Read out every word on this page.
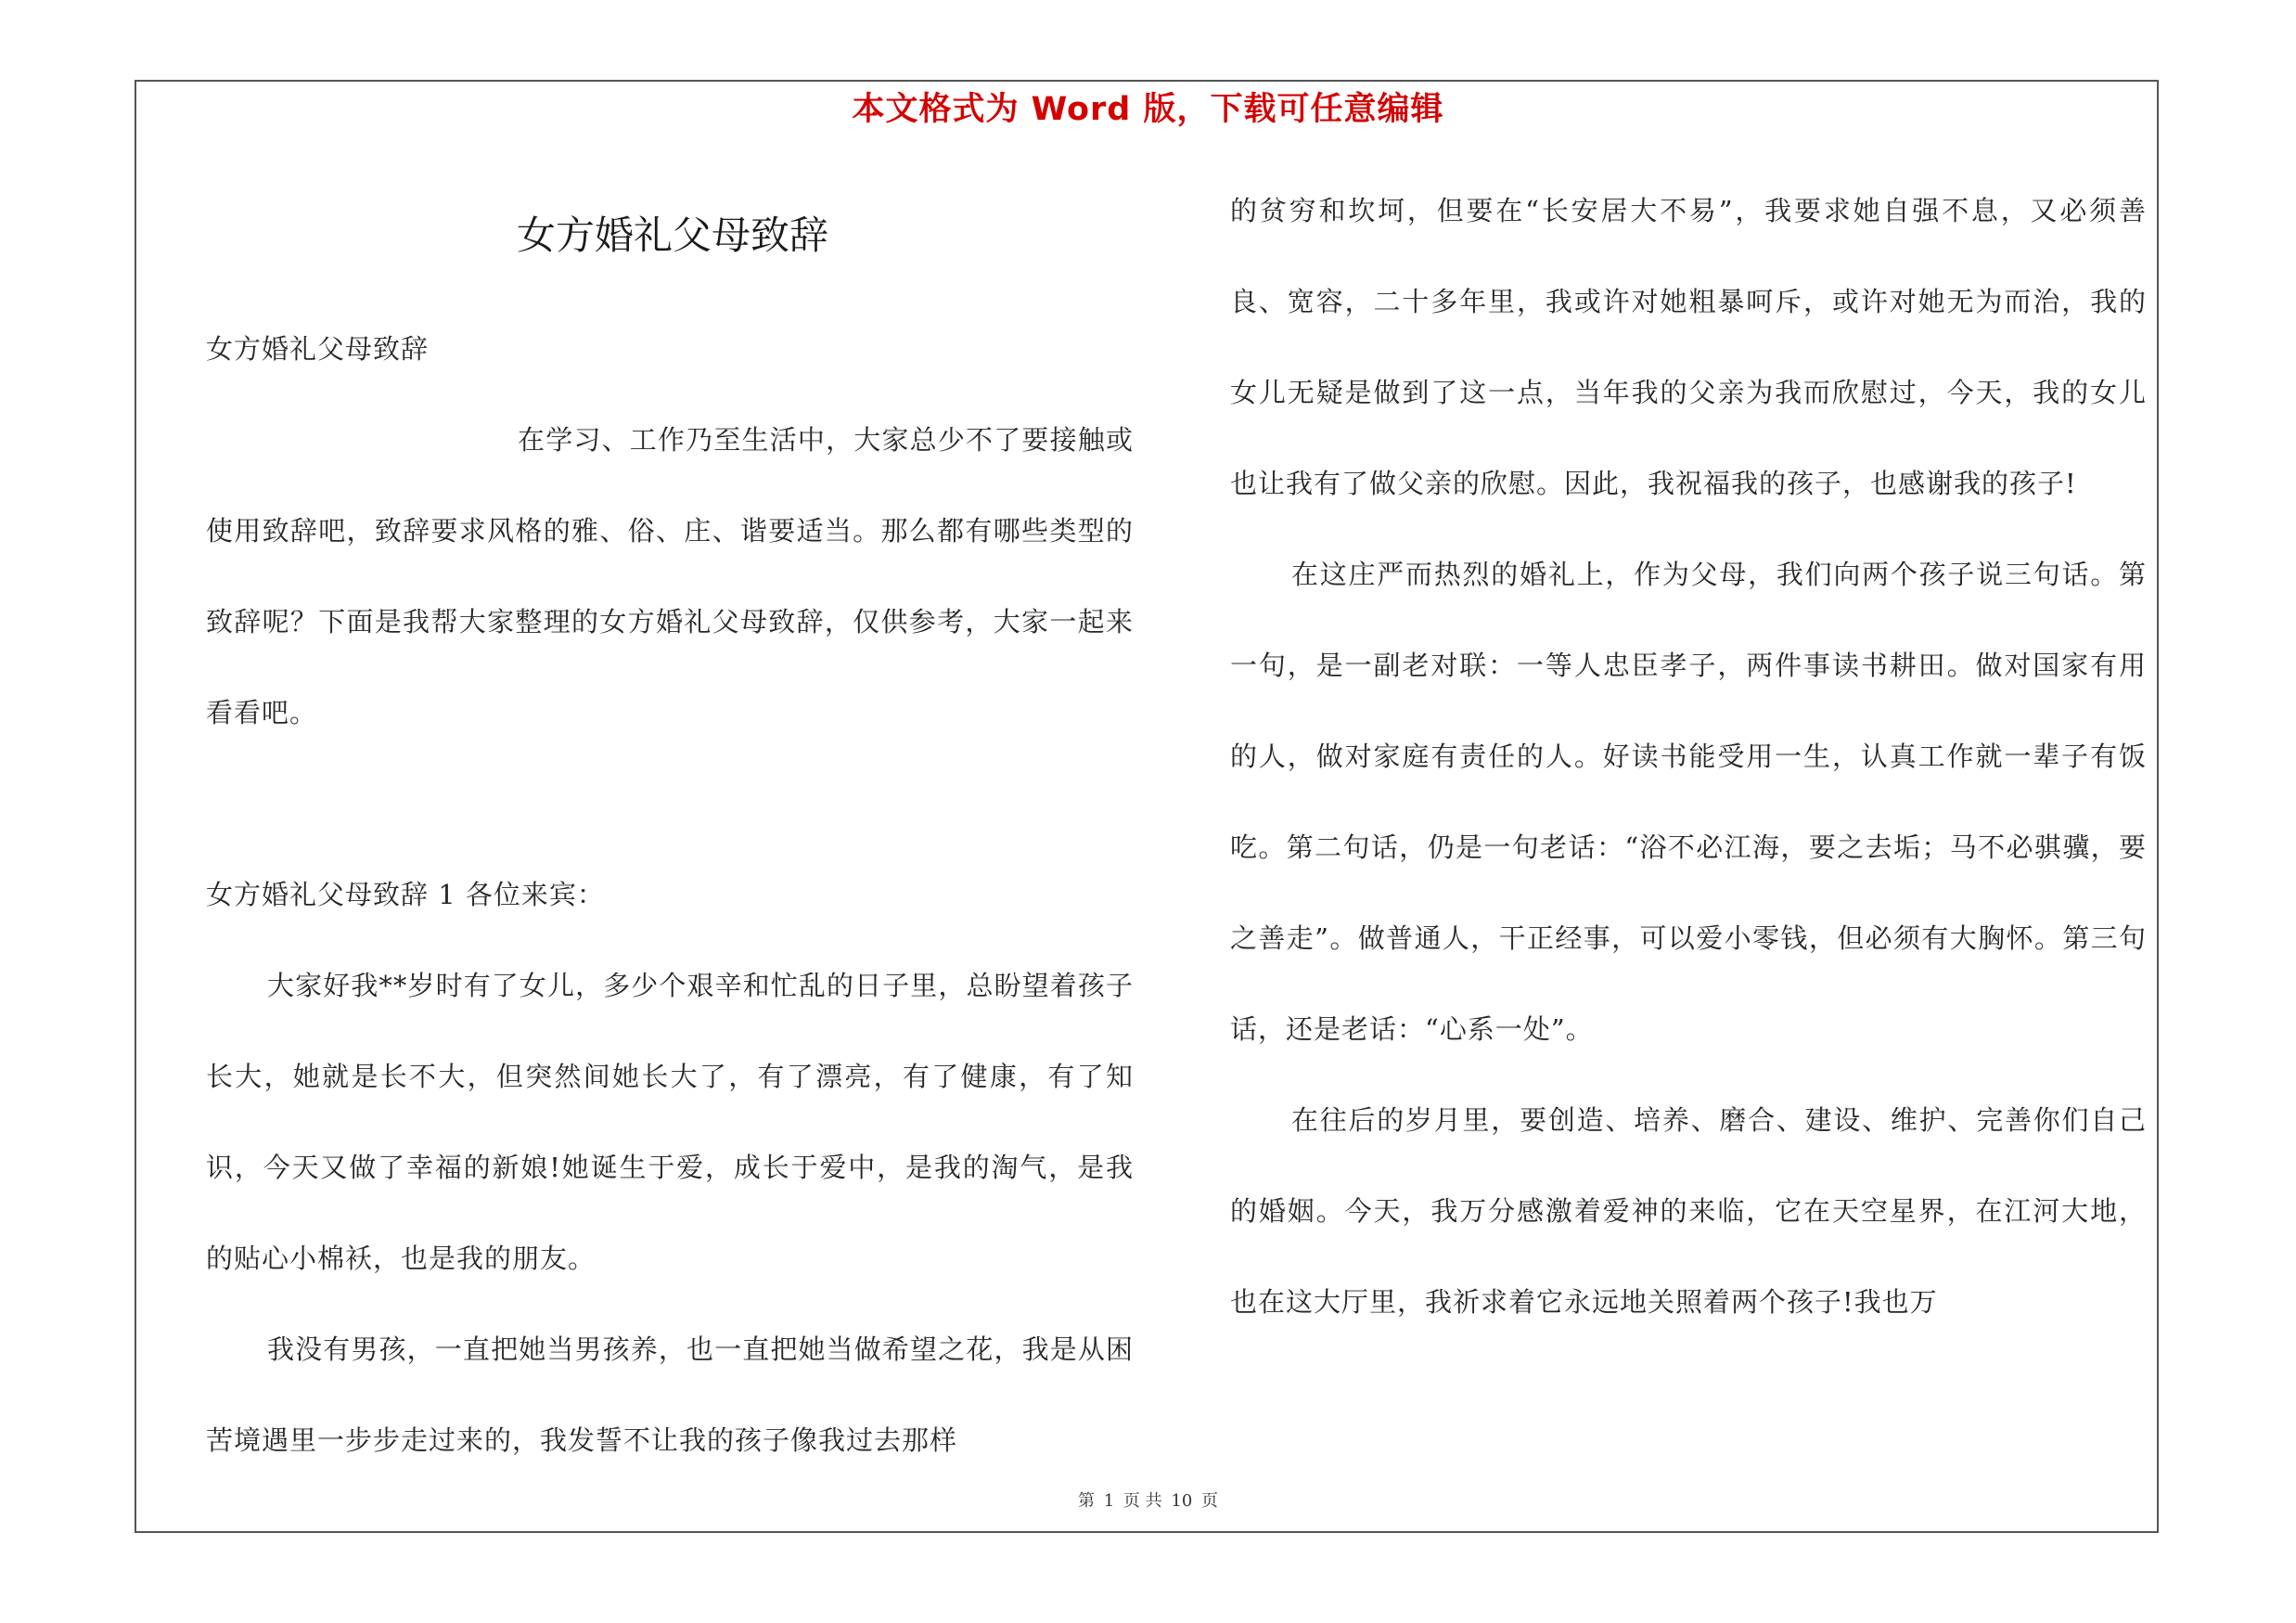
本文格式为 Word 版，下载可任意编辑
女方婚礼父母致辞

女方婚礼父母致辞

在学习、工作乃至生活中，大家总少不了要接触或使用致辞吧，致辞要求风格的雅、俗、庄、谐要适当。那么都有哪些类型的致辞呢？下面是我帮大家整理的女方婚礼父母致辞，仅供参考，大家一起来看看吧。

女方婚礼父母致辞 1 各位来宾：

大家好我**岁时有了女儿，多少个艰辛和忙乱的日子里，总盼望着孩子长大，她就是长不大，但突然间她长大了，有了漂亮，有了健康，有了知识，今天又做了幸福的新娘!她诞生于爱，成长于爱中，是我的淘气，是我的贴心小棉袄，也是我的朋友。

我没有男孩，一直把她当男孩养，也一直把她当做希望之花，我是从困苦境遇里一步步走过来的，我发誓不让我的孩子像我过去那样

的贫穷和坎坷，但要在“长安居大不易”，我要求她自强不息，又必须善良、宽容，二十多年里，我或许对她粗暴呵斥，或许对她无为而治，我的女儿无疑是做到了这一点，当年我的父亲为我而欣慰过，今天，我的女儿也让我有了做父亲的欣慰。因此，我祝福我的孩子，也感谢我的孩子!

在这庄严而热烈的婚礼上，作为父母，我们向两个孩子说三句话。第一句，是一副老对联：一等人忠臣孝子，两件事读书耕田。做对国家有用的人，做对家庭有责任的人。好读书能受用一生，认真工作就一辈子有饭吃。第二句话，仍是一句老话：“浴不必江海，要之去垢；马不必骐骥，要之善走”。做普通人，干正经事，可以爱小零钱，但必须有大胸怀。第三句话，还是老话：“心系一处”。

在往后的岁月里，要创造、培养、磨合、建设、维护、完善你们自己的婚姻。今天，我万分感激着爱神的来临，它在天空星界，在江河大地，也在这大厅里，我祈求着它永远地关照着两个孩子!我也万

第 1 页 共 10 页
